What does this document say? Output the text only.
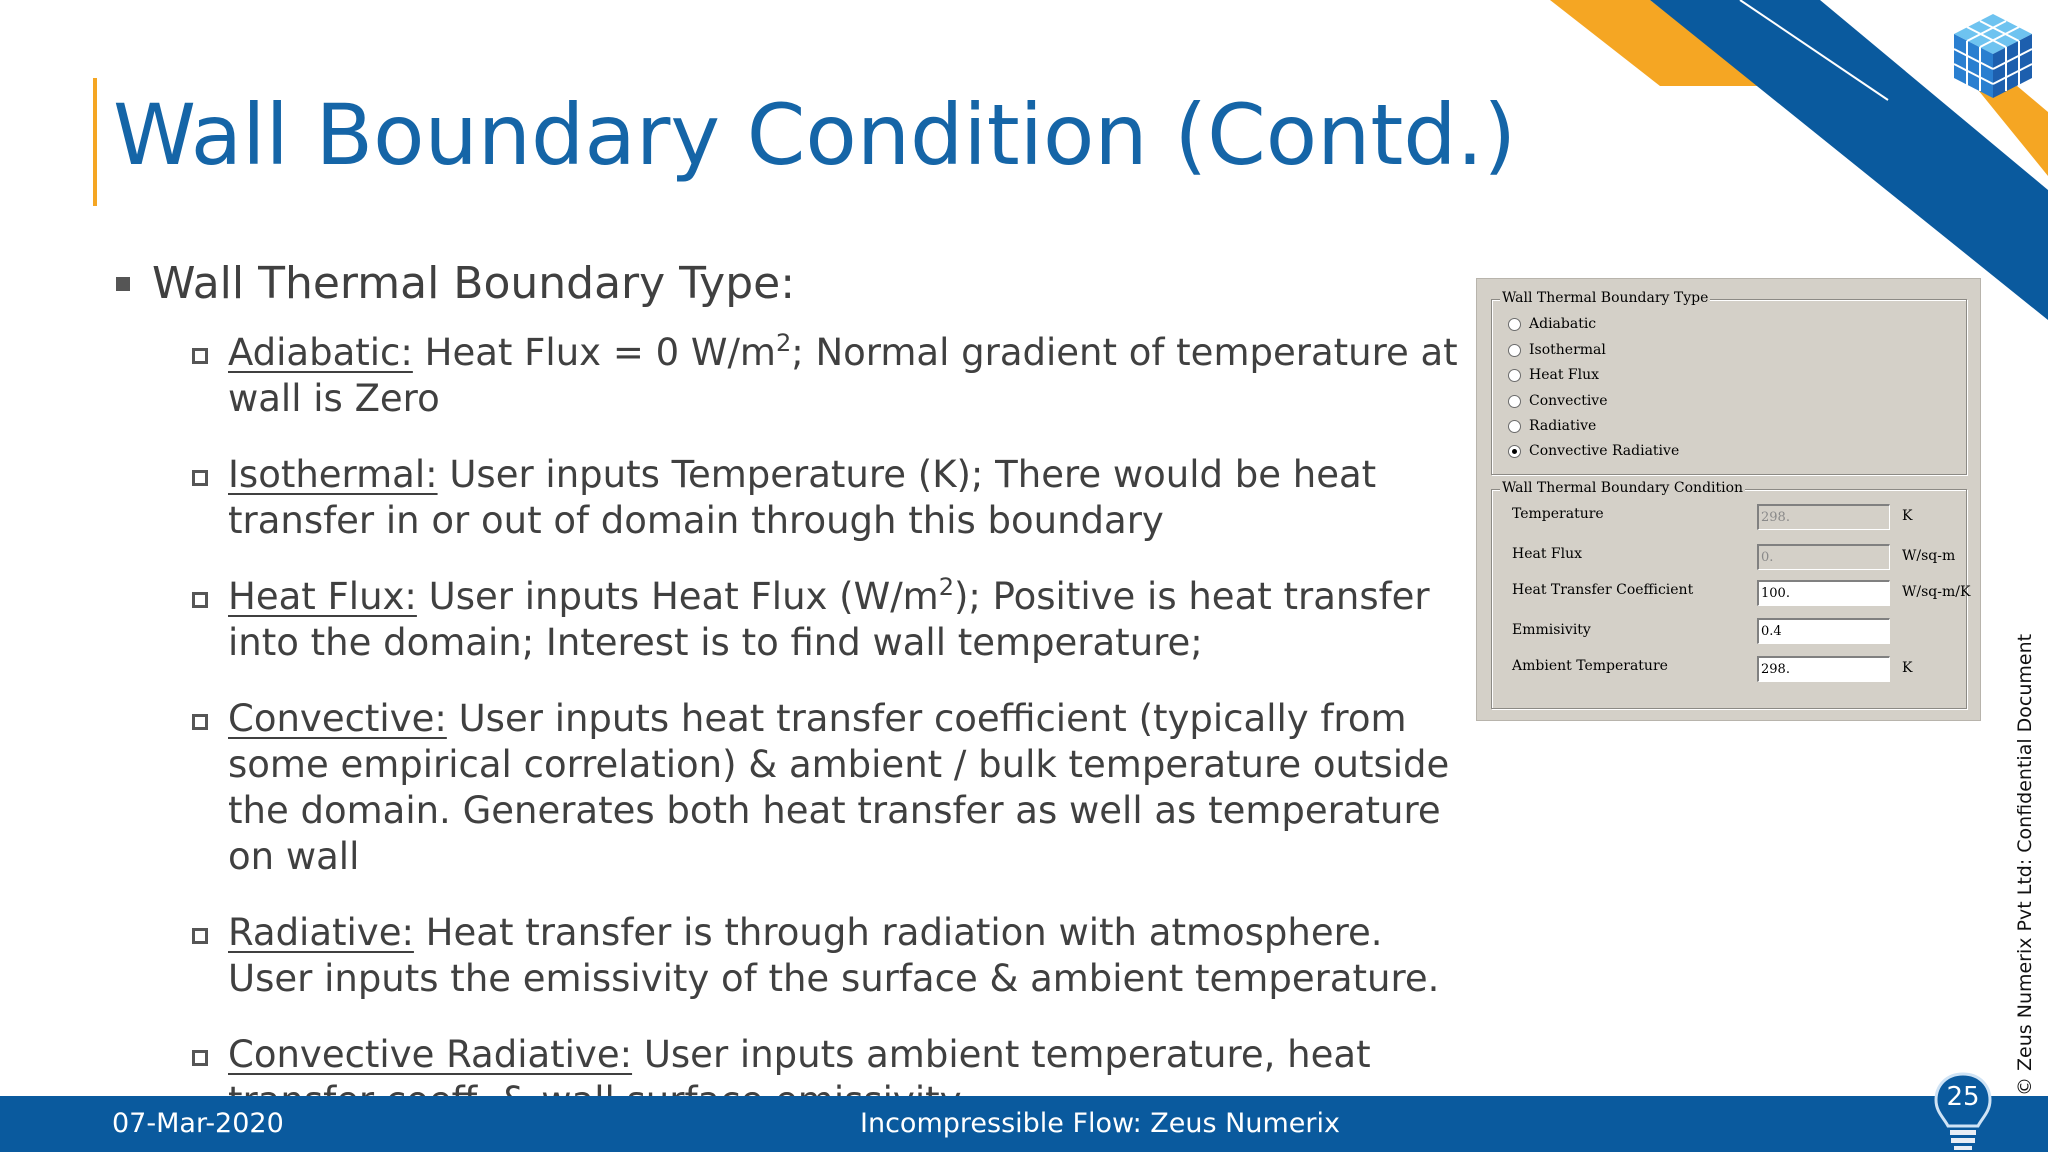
Wall Boundary Condition (Contd.)
Wall Thermal Boundary Type:
Adiabatic: Heat Flux = 0 $W/m^2$; Normal gradient of temperature at wall is Zero
Isothermal: User inputs Temperature (K); There would be heat transfer in or out of domain through this boundary
Heat Flux: User inputs Heat Flux $(W/m^2)$; Positive is heat transfer into the domain; Interest is to find wall temperature;
Convective: User inputs heat transfer coefficient (typically from some empirical correlation) & ambient / bulk temperature outside the domain. Generates both heat transfer as well as temperature on wall
Radiative: Heat transfer is through radiation with atmosphere. User inputs the emissivity of the surface & ambient temperature.
Convective Radiative: User inputs ambient temperature, heat
Wall Thermal Boundary Type
Adiabatic
Isothermal
Heat Flux
Convective
Radiative
Convective Radiative
Wall Thermal Boundary Condition
Temperature
298.	K
Heat Flux
0.	W/sq-m
Heat Transfer Coefficient
100.	W/sq-m/K
Emmisivity
0.4
Ambient Temperature
298.	K	© Zeus Numerix Pvt Ltd: Confidential Document
07-Mar-2020	Incompressible Flow: Zeus Numerix
25
